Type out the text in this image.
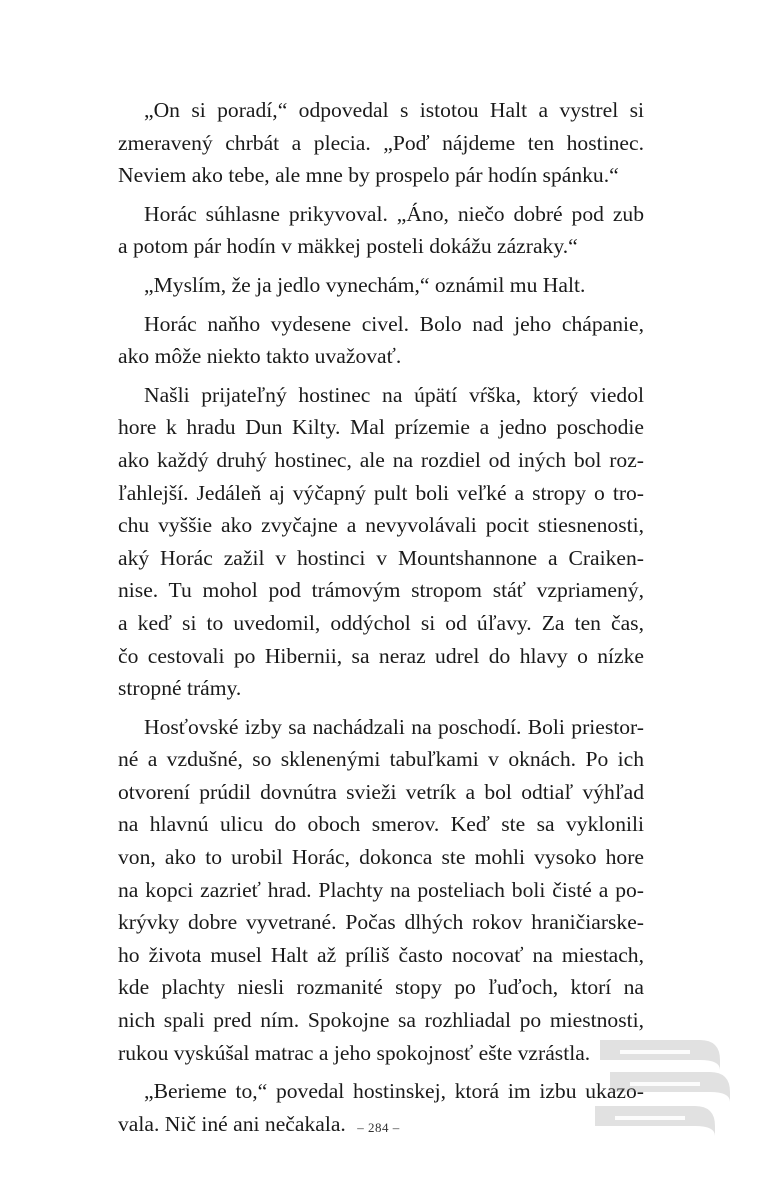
„On si poradí,“ odpovedal s istotou Halt a vystrel si
zmeravený chrbát a plecia. „Poď nájdeme ten hostinec.
Neviem ako tebe, ale mne by prospelo pár hodín spánku.“

Horác súhlasne prikyvoval. „Áno, niečo dobré pod zub
a potom pár hodín v mäkkej posteli dokážu zázraky.“

„Myslím, že ja jedlo vynechám,“ oznámil mu Halt.

Horác naňho vydesene civel. Bolo nad jeho chápanie,
ako môže niekto takto uvažovať.

Našli prijateľný hostinec na úpätí vŕška, ktorý viedol
hore k hradu Dun Kilty. Mal prízemie a jedno poschodie
ako každý druhý hostinec, ale na rozdiel od iných bol roz-
ľahlejší. Jedáleň aj výčapný pult boli veľké a stropy o tro-
chu vyššie ako zvyčajne a nevyvolávali pocit stiesnenosti,
aký Horác zažil v hostinci v Mountshannone a Craiken-
nise. Tu mohol pod trámovým stropom stáť vzpriamený,
a keď si to uvedomil, oddýchol si od úľavy. Za ten čas,
čo cestovali po Hibernii, sa neraz udrel do hlavy o nízke
stropné trámy.

Hosťovské izby sa nachádzali na poschodí. Boli priestor-
né a vzdušné, so sklenenými tabuľkami v oknách. Po ich
otvorení prúdil dovnútra svieži vetrík a bol odtiaľ výhľad
na hlavnú ulicu do oboch smerov. Keď ste sa vyklonili
von, ako to urobil Horác, dokonca ste mohli vysoko hore
na kopci zazrieť hrad. Plachty na posteliach boli čisté a po-
krývky dobre vyvetrané. Počas dlhých rokov hraničiarske-
ho života musel Halt až príliš často nocovať na miestach,
kde plachty niesli rozmanité stopy po ľuďoch, ktorí na
nich spali pred ním. Spokojne sa rozhliadal po miestnosti,
rukou vyskúšal matrac a jeho spokojnosť ešte vzrástla.

„Berieme to,“ povedal hostinskej, ktorá im izbu ukazo-
vala. Nič iné ani nečakala. – 284 –
